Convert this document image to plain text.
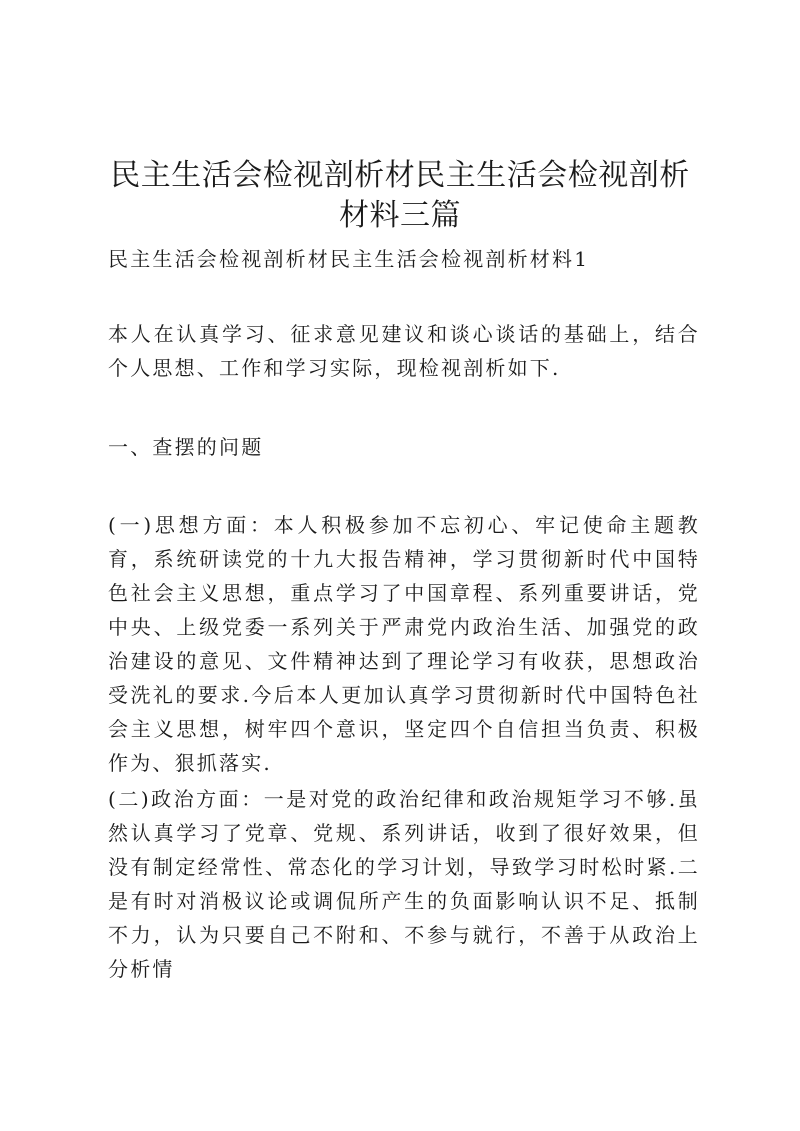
民主生活会检视剖析材民主生活会检视剖析材料三篇

民主生活会检视剖析材民主生活会检视剖析材料1

本人在认真学习、征求意见建议和谈心谈话的基础上，结合个人思想、工作和学习实际，现检视剖析如下.

一、查摆的问题

(一)思想方面：本人积极参加不忘初心、牢记使命主题教育，系统研读党的十九大报告精神，学习贯彻新时代中国特色社会主义思想，重点学习了中国章程、系列重要讲话，党中央、上级党委一系列关于严肃党内政治生活、加强党的政治建设的意见、文件精神达到了理论学习有收获，思想政治受洗礼的要求.今后本人更加认真学习贯彻新时代中国特色社会主义思想，树牢四个意识，坚定四个自信担当负责、积极作为、狠抓落实.

(二)政治方面：一是对党的政治纪律和政治规矩学习不够.虽然认真学习了党章、党规、系列讲话，收到了很好效果，但没有制定经常性、常态化的学习计划，导致学习时松时紧.二是有时对消极议论或调侃所产生的负面影响认识不足、抵制不力，认为只要自己不附和、不参与就行，不善于从政治上分析情
